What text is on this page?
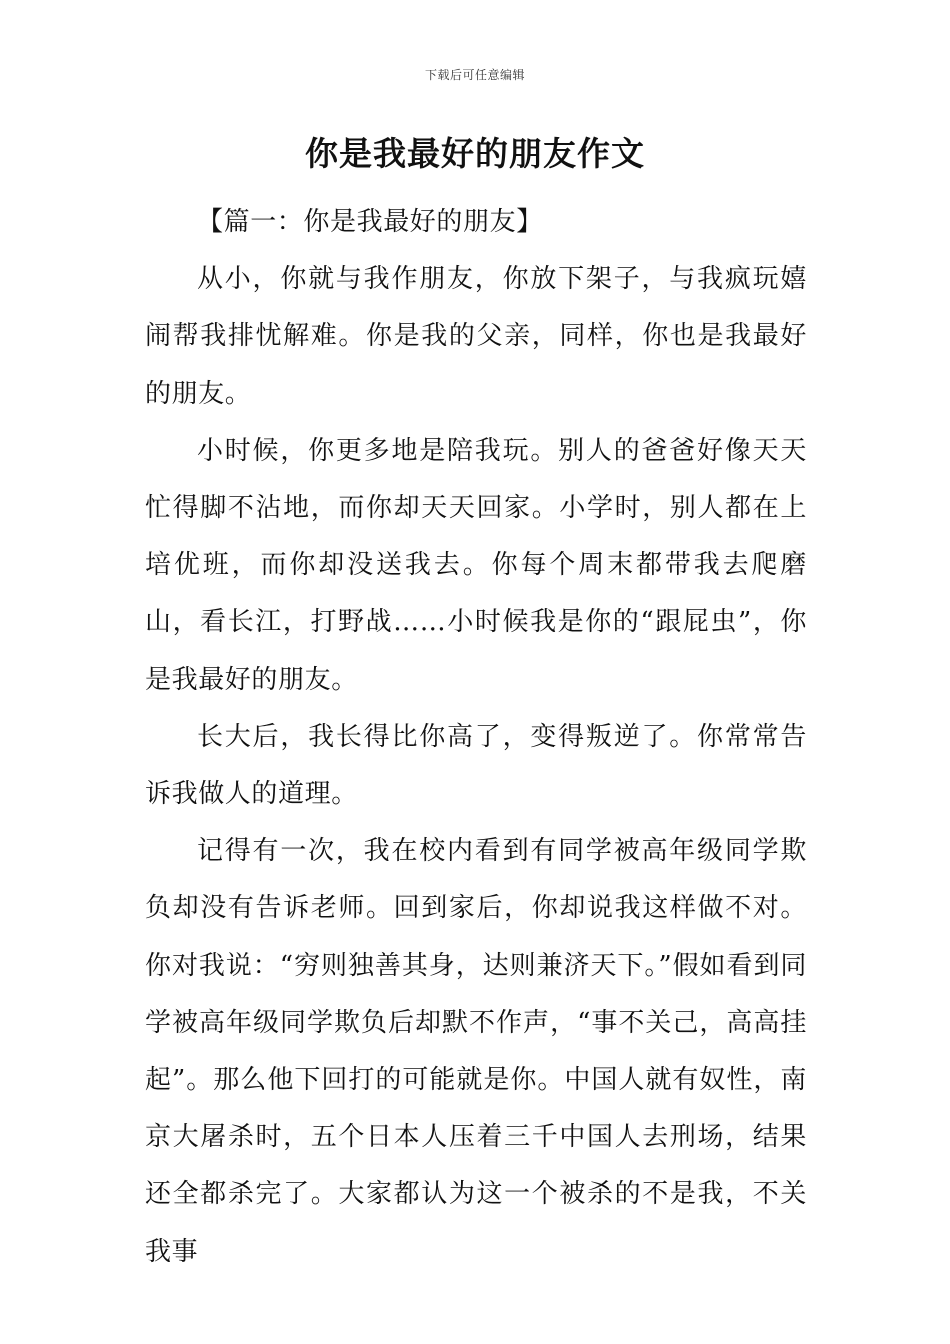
下载后可任意编辑
你是我最好的朋友作文

【篇一：你是我最好的朋友】

从小，你就与我作朋友，你放下架子，与我疯玩嬉闹帮我排忧解难。你是我的父亲，同样，你也是我最好的朋友。

小时候，你更多地是陪我玩。别人的爸爸好像天天忙得脚不沾地，而你却天天回家。小学时，别人都在上培优班，而你却没送我去。你每个周末都带我去爬磨山，看长江，打野战……小时候我是你的“跟屁虫”，你是我最好的朋友。

长大后，我长得比你高了，变得叛逆了。你常常告诉我做人的道理。

记得有一次，我在校内看到有同学被高年级同学欺负却没有告诉老师。回到家后，你却说我这样做不对。你对我说：“穷则独善其身，达则兼济天下。”假如看到同学被高年级同学欺负后却默不作声，“事不关己，高高挂起”。那么他下回打的可能就是你。中国人就有奴性，南京大屠杀时，五个日本人压着三千中国人去刑场，结果还全都杀完了。大家都认为这一个被杀的不是我，不关我事
